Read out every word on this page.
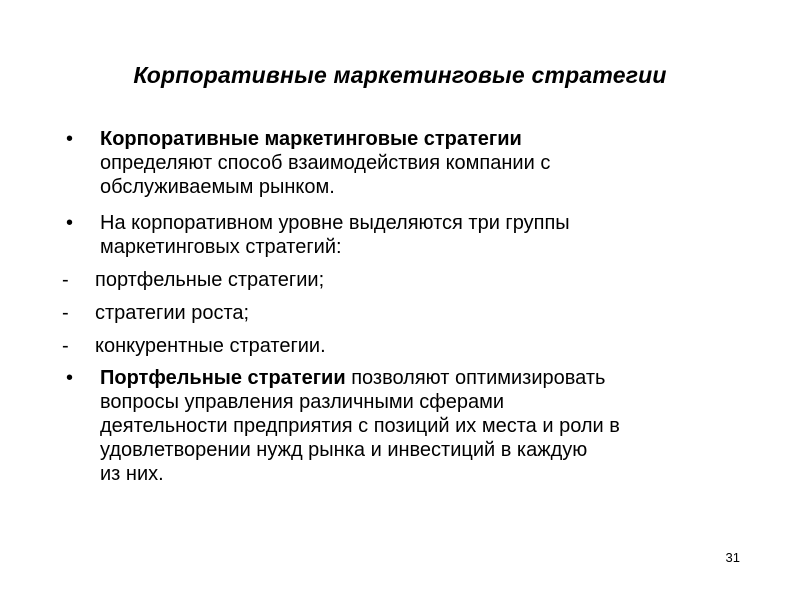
Корпоративные маркетинговые стратегии
• Корпоративные маркетинговые стратегии
определяют способ взаимодействия компании с
обслуживаемым рынком.
• На корпоративном уровне выделяются три группы
маркетинговых стратегий:
- портфельные стратегии;
- стратегии роста;
- конкурентные стратегии.
• Портфельные стратегии позволяют оптимизировать
вопросы управления различными сферами
деятельности предприятия с позиций их места и роли в
удовлетворении нужд рынка и инвестиций в каждую
из них.
31
